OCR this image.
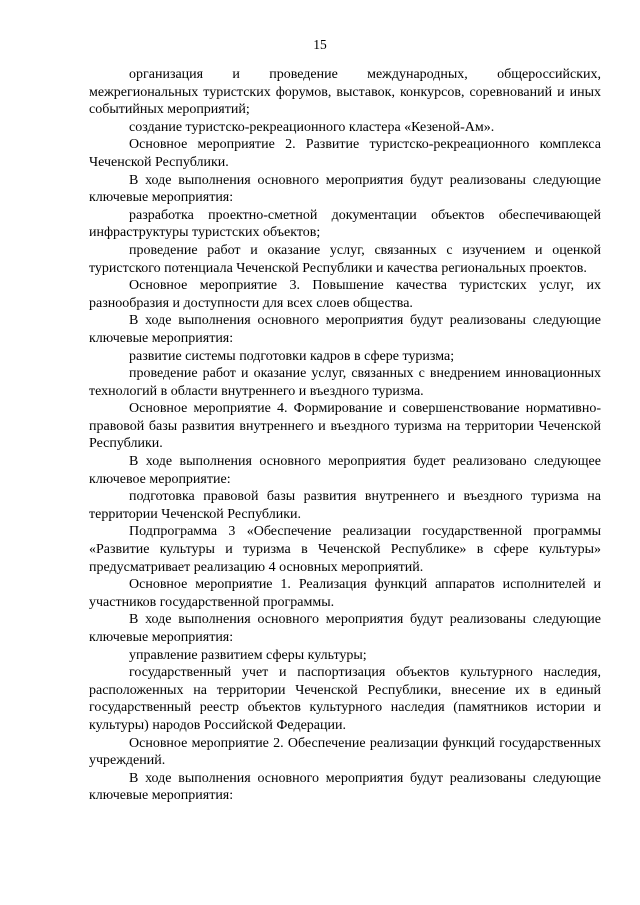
15

организация и проведение международных, общероссийских, межрегиональных туристских форумов, выставок, конкурсов, соревнований и иных событийных мероприятий;

создание туристско-рекреационного кластера «Кезеной-Ам».

Основное мероприятие 2. Развитие туристско-рекреационного комплекса Чеченской Республики.

В ходе выполнения основного мероприятия будут реализованы следующие ключевые мероприятия:

разработка проектно-сметной документации объектов обеспечивающей инфраструктуры туристских объектов;

проведение работ и оказание услуг, связанных с изучением и оценкой туристского потенциала Чеченской Республики и качества региональных проектов.

Основное мероприятие 3. Повышение качества туристских услуг, их разнообразия и доступности для всех слоев общества.

В ходе выполнения основного мероприятия будут реализованы следующие ключевые мероприятия:

развитие системы подготовки кадров в сфере туризма;

проведение работ и оказание услуг, связанных с внедрением инновационных технологий в области внутреннего и въездного туризма.

Основное мероприятие 4. Формирование и совершенствование нормативно-правовой базы развития внутреннего и въездного туризма на территории Чеченской Республики.

В ходе выполнения основного мероприятия будет реализовано следующее ключевое мероприятие:

подготовка правовой базы развития внутреннего и въездного туризма на территории Чеченской Республики.

Подпрограмма 3 «Обеспечение реализации государственной программы «Развитие культуры и туризма в Чеченской Республике» в сфере культуры» предусматривает реализацию 4 основных мероприятий.

Основное мероприятие 1. Реализация функций аппаратов исполнителей и участников государственной программы.

В ходе выполнения основного мероприятия будут реализованы следующие ключевые мероприятия:

управление развитием сферы культуры;

государственный учет и паспортизация объектов культурного наследия, расположенных на территории Чеченской Республики, внесение их в единый государственный реестр объектов культурного наследия (памятников истории и культуры) народов Российской Федерации.

Основное мероприятие 2. Обеспечение реализации функций государственных учреждений.

В ходе выполнения основного мероприятия будут реализованы следующие ключевые мероприятия:
